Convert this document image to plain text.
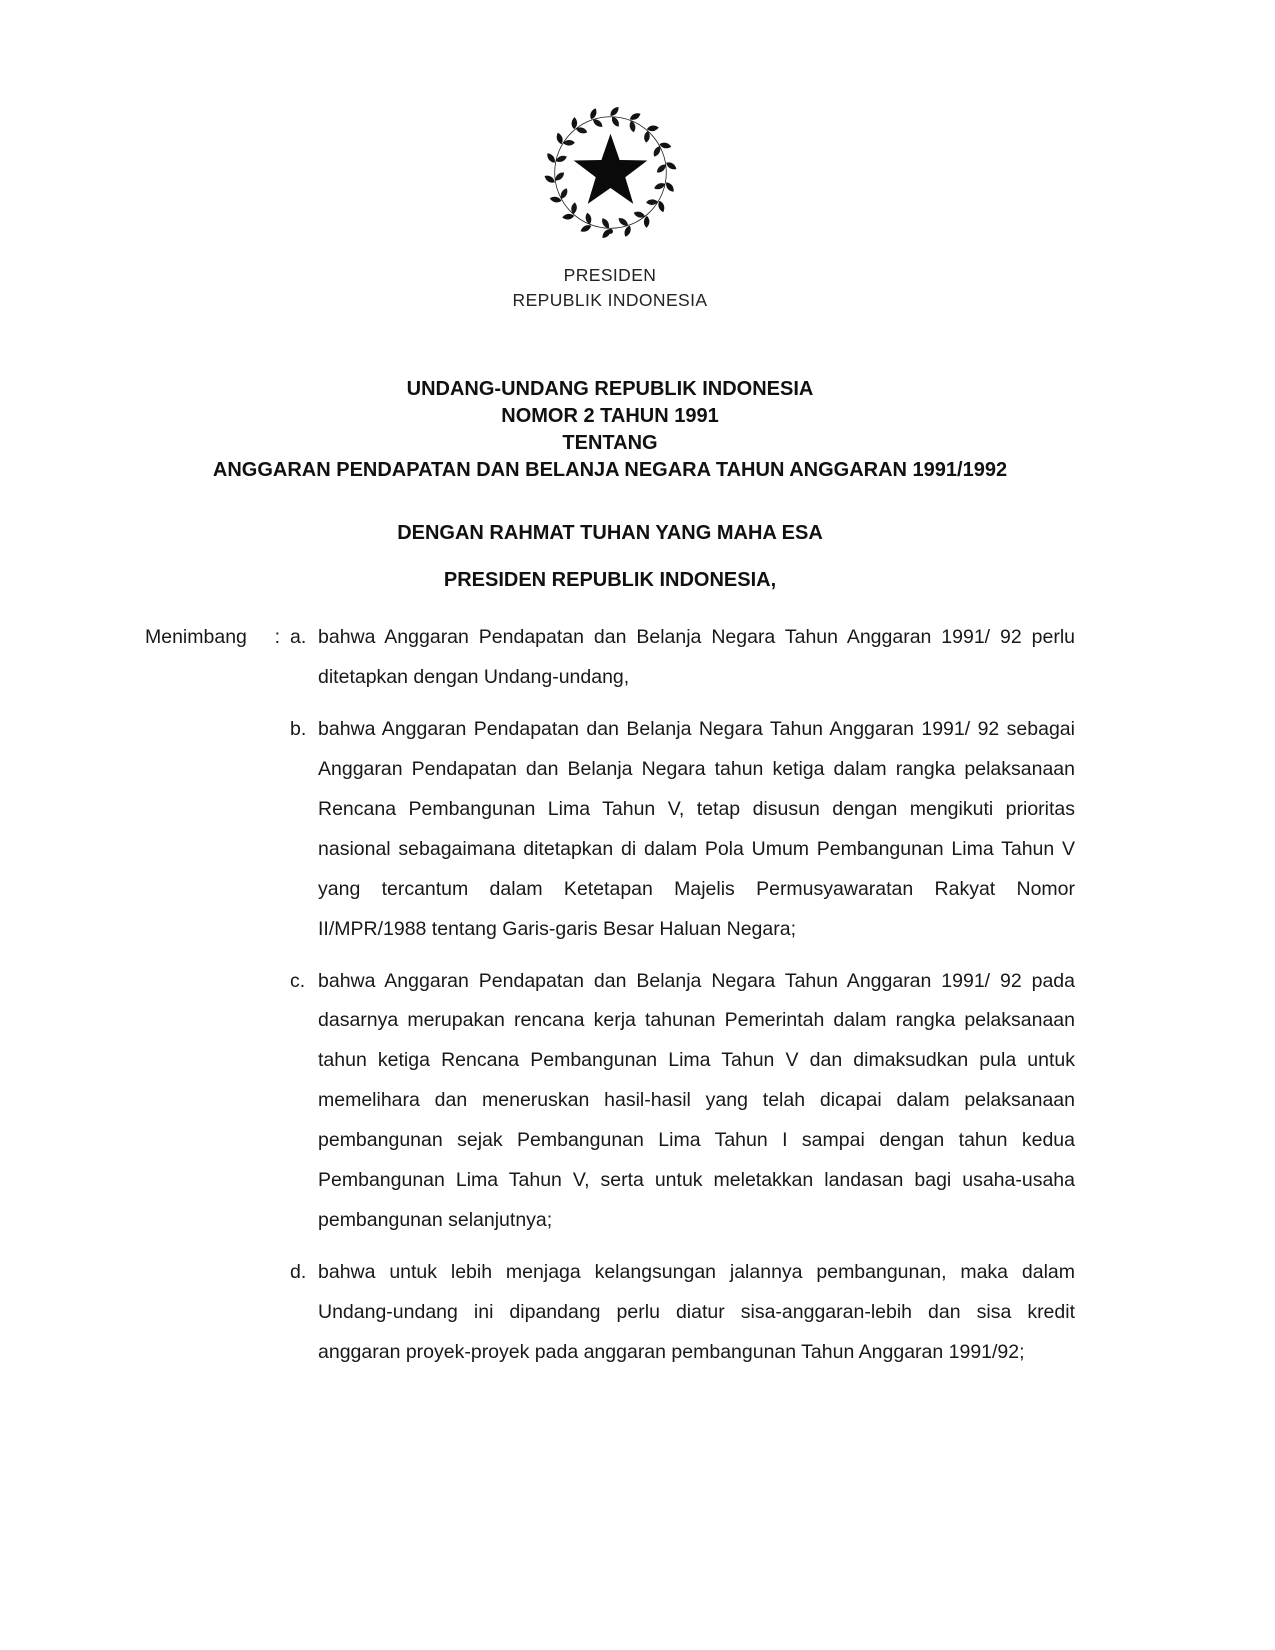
PRESIDEN
REPUBLIK INDONESIA
UNDANG-UNDANG REPUBLIK INDONESIA
NOMOR 2 TAHUN 1991
TENTANG
ANGGARAN PENDAPATAN DAN BELANJA NEGARA TAHUN ANGGARAN 1991/1992
DENGAN RAHMAT TUHAN YANG MAHA ESA
PRESIDEN REPUBLIK INDONESIA,
Menimbang : a. bahwa Anggaran Pendapatan dan Belanja Negara Tahun Anggaran 1991/ 92 perlu ditetapkan dengan Undang-undang,
b. bahwa Anggaran Pendapatan dan Belanja Negara Tahun Anggaran 1991/ 92 sebagai Anggaran Pendapatan dan Belanja Negara tahun ketiga dalam rangka pelaksanaan Rencana Pembangunan Lima Tahun V, tetap disusun dengan mengikuti prioritas nasional sebagaimana ditetapkan di dalam Pola Umum Pembangunan Lima Tahun V yang tercantum dalam Ketetapan Majelis Permusyawaratan Rakyat Nomor II/MPR/1988 tentang Garis-garis Besar Haluan Negara;
c. bahwa Anggaran Pendapatan dan Belanja Negara Tahun Anggaran 1991/ 92 pada dasarnya merupakan rencana kerja tahunan Pemerintah dalam rangka pelaksanaan tahun ketiga Rencana Pembangunan Lima Tahun V dan dimaksudkan pula untuk memelihara dan meneruskan hasil-hasil yang telah dicapai dalam pelaksanaan pembangunan sejak Pembangunan Lima Tahun I sampai dengan tahun kedua Pembangunan Lima Tahun V, serta untuk meletakkan landasan bagi usaha-usaha pembangunan selanjutnya;
d. bahwa untuk lebih menjaga kelangsungan jalannya pembangunan, maka dalam Undang-undang ini dipandang perlu diatur sisa-anggaran-lebih dan sisa kredit anggaran proyek-proyek pada anggaran pembangunan Tahun Anggaran 1991/92;
